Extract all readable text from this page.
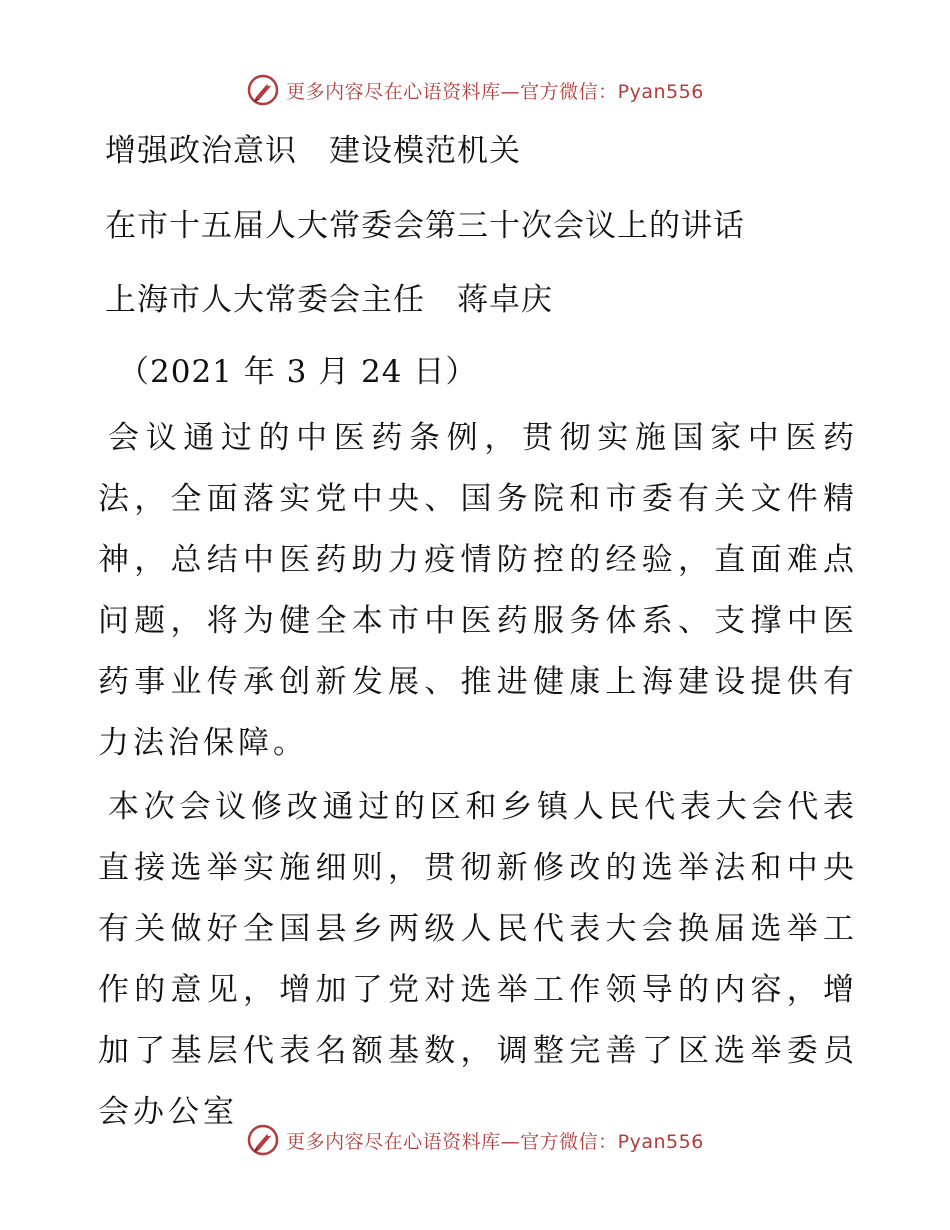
更多内容尽在心语资料库—官方微信：Pyan556
增强政治意识　建设模范机关
在市十五届人大常委会第三十次会议上的讲话
上海市人大常委会主任　蒋卓庆
（2021 年 3 月 24 日）

会议通过的中医药条例，贯彻实施国家中医药法，全面落实党中央、国务院和市委有关文件精神，总结中医药助力疫情防控的经验，直面难点问题，将为健全本市中医药服务体系、支撑中医药事业传承创新发展、推进健康上海建设提供有力法治保障。

本次会议修改通过的区和乡镇人民代表大会代表直接选举实施细则，贯彻新修改的选举法和中央有关做好全国县乡两级人民代表大会换届选举工作的意见，增加了党对选举工作领导的内容，增加了基层代表名额基数，调整完善了区选举委员会办公室

更多内容尽在心语资料库—官方微信：Pyan556
